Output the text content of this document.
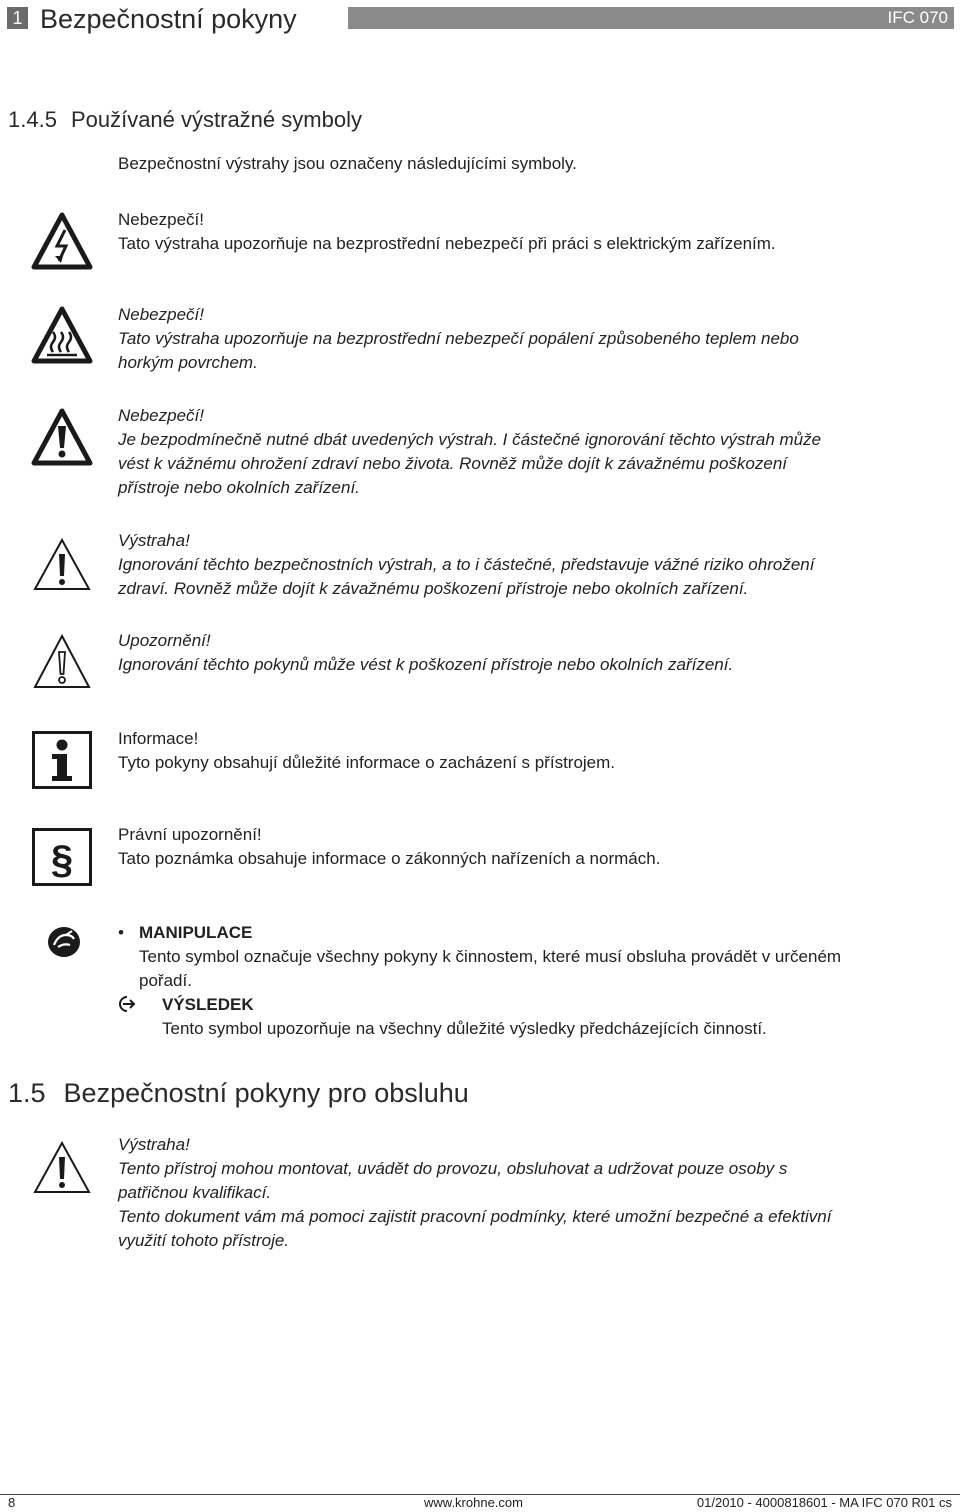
1 Bezpečnostní pokyny	IFC 070
1.4.5 Používané výstražné symboly
Bezpečnostní výstrahy jsou označeny následujícími symboly.
Nebezpečí!
Tato výstraha upozorňuje na bezprostřední nebezpečí při práci s elektrickým zařízením.
Nebezpečí!
Tato výstraha upozorňuje na bezprostřední nebezpečí popálení způsobeného teplem nebo
horkým povrchem.
Nebezpečí!
Je bezpodmínečně nutné dbát uvedených výstrah. I částečné ignorování těchto výstrah může
vést k vážnému ohrožení zdraví nebo života. Rovněž může dojít k závažnému poškození
přístroje nebo okolních zařízení.
Výstraha!
Ignorování těchto bezpečnostních výstrah, a to i částečné, představuje vážné riziko ohrožení
zdraví. Rovněž může dojít k závažnému poškození přístroje nebo okolních zařízení.
Upozornění!
Ignorování těchto pokynů může vést k poškození přístroje nebo okolních zařízení.
Informace!
Tyto pokyny obsahují důležité informace o zacházení s přístrojem.
§
Právní upozornění!
Tato poznámka obsahuje informace o zákonných nařízeních a normách.
• MANIPULACE
Tento symbol označuje všechny pokyny k činnostem, které musí obsluha provádět v určeném
pořadí.
VÝSLEDEK
Tento symbol upozorňuje na všechny důležité výsledky předcházejících činností.
1.5 Bezpečnostní pokyny pro obsluhu
Výstraha!
Tento přístroj mohou montovat, uvádět do provozu, obsluhovat a udržovat pouze osoby s
patřičnou kvalifikací.
Tento dokument vám má pomoci zajistit pracovní podmínky, které umožní bezpečné a efektivní
využití tohoto přístroje.
8	www.krohne.com	01/2010 - 4000818601 - MA IFC 070 R01 cs
